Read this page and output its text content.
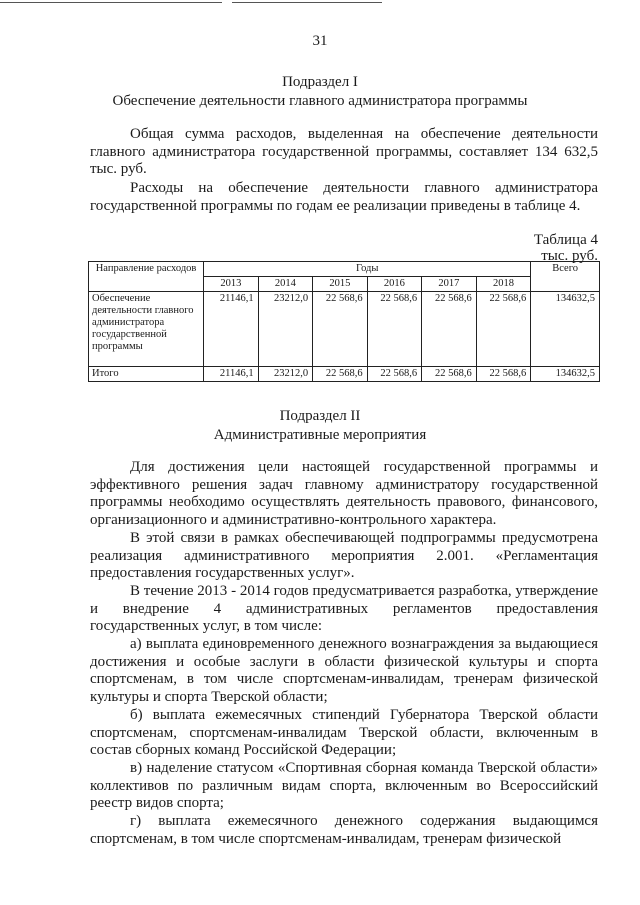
31
Подраздел I
Обеспечение деятельности главного администратора программы

Общая сумма расходов, выделенная на обеспечение деятельности главного администратора государственной программы, составляет 134 632,5 тыс. руб.

Расходы на обеспечение деятельности главного администратора государственной программы по годам ее реализации приведены в таблице 4.

Таблица 4
тыс. руб.
Направление расходов	Годы						Всего
	2013	2014	2015	2016	2017	2018	
Обеспечение деятельности главного администратора государственной программы	21146,1	23212,0	22 568,6	22 568,6	22 568,6	22 568,6	134632,5
Итого	21146,1	23212,0	22 568,6	22 568,6	22 568,6	22 568,6	134632,5
Подраздел II
Административные мероприятия

Для достижения цели настоящей государственной программы и эффективного решения задач главному администратору государственной программы необходимо осуществлять деятельность правового, финансового, организационного и административно-контрольного характера.

В этой связи в рамках обеспечивающей подпрограммы предусмотрена реализация административного мероприятия 2.001. «Регламентация предоставления государственных услуг».

В течение 2013 - 2014 годов предусматривается разработка, утверждение и внедрение 4 административных регламентов предоставления государственных услуг, в том числе:

а) выплата единовременного денежного вознаграждения за выдающиеся достижения и особые заслуги в области физической культуры и спорта спортсменам, в том числе спортсменам-инвалидам, тренерам физической культуры и спорта Тверской области;

б) выплата ежемесячных стипендий Губернатора Тверской области спортсменам, спортсменам-инвалидам Тверской области, включенным в состав сборных команд Российской Федерации;

в) наделение статусом «Спортивная сборная команда Тверской области» коллективов по различным видам спорта, включенным во Всероссийский реестр видов спорта;

г) выплата ежемесячного денежного содержания выдающимся спортсменам, в том числе спортсменам-инвалидам, тренерам физической
